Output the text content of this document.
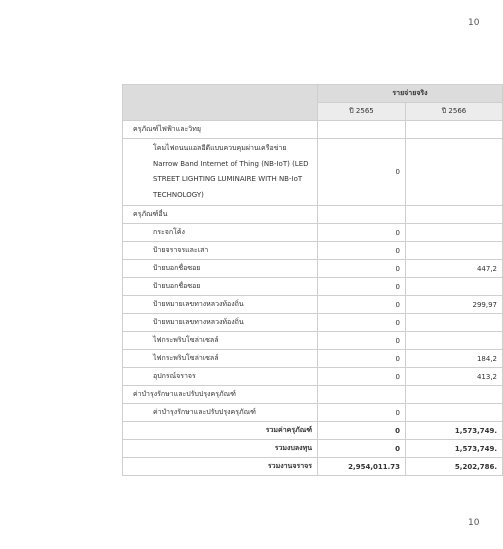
10
	รายจ่ายจริง	
	ปี 2565	ปี 2566
ครุภัณฑ์ไฟฟ้าและวิทยุ		
โคมไฟถนนแอลอีดีแบบควบคุมผ่านเครือข่าย Narrow Band Internet of Thing (NB-IoT) (LED STREET LIGHTING LUMINAIRE WITH NB-IoT TECHNOLOGY)	0	
ครุภัณฑ์อื่น		
กระจกโค้ง	0	
ป้ายจราจรและเสา	0	
ป้ายบอกชื่อซอย	0	447,2
ป้ายบอกชื่อซอย	0	
ป้ายหมายเลขทางหลวงท้องถิ่น	0	299,97
ป้ายหมายเลขทางหลวงท้องถิ่น	0	
ไฟกระพริบโซล่าเซลล์	0	
ไฟกระพริบโซล่าเซลล์	0	184,2
อุปกรณ์จราจร	0	413,2
ค่าบำรุงรักษาและปรับปรุงครุภัณฑ์		
ค่าบำรุงรักษาและปรับปรุงครุภัณฑ์	0	
รวมค่าครุภัณฑ์	0	1,573,749.
รวมงบลงทุน	0	1,573,749.
รวมงานจราจร	2,954,011.73	5,202,786.
10
